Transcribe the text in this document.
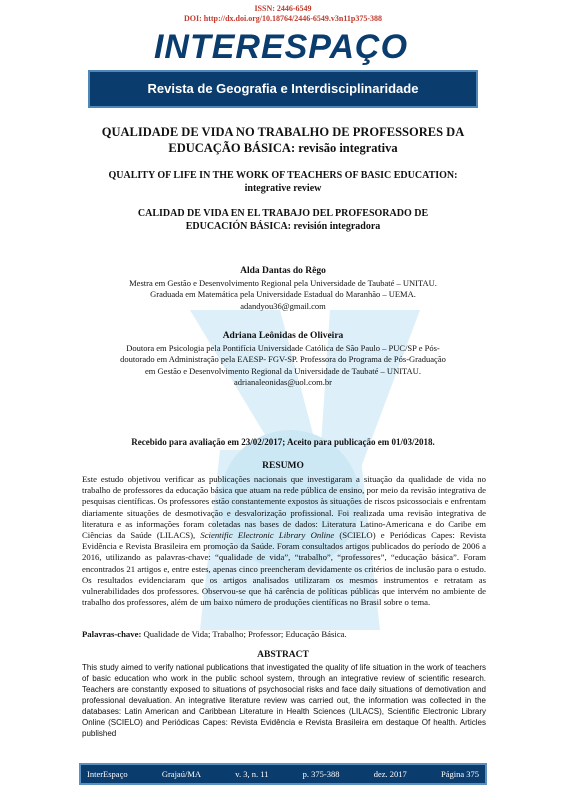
ISSN: 2446-6549
DOI: http://dx.doi.org/10.18764/2446-6549.v3n11p375-388
INTERESPAÇO
Revista de Geografia e Interdisciplinaridade
QUALIDADE DE VIDA NO TRABALHO DE PROFESSORES DA
EDUCAÇÃO BÁSICA: revisão integrativa
QUALITY OF LIFE IN THE WORK OF TEACHERS OF BASIC EDUCATION:
integrative review
CALIDAD DE VIDA EN EL TRABAJO DEL PROFESORADO DE
EDUCACIÓN BÁSICA: revisión integradora
Alda Dantas do Rêgo
Mestra em Gestão e Desenvolvimento Regional pela Universidade de Taubaté – UNITAU.
Graduada em Matemática pela Universidade Estadual do Maranhão – UEMA.
adandyou36@gmail.com
Adriana Leônidas de Oliveira
Doutora em Psicologia pela Pontifícia Universidade Católica de São Paulo – PUC/SP e Pós-
doutorado em Administração pela EAESP- FGV-SP. Professora do Programa de Pós-Graduação
em Gestão e Desenvolvimento Regional da Universidade de Taubaté – UNITAU.
adrianaleonidas@uol.com.br
Recebido para avaliação em 23/02/2017; Aceito para publicação em 01/03/2018.
RESUMO
Este estudo objetivou verificar as publicações nacionais que investigaram a situação da qualidade de vida no trabalho de professores da educação básica que atuam na rede pública de ensino, por meio da revisão integrativa de pesquisas científicas. Os professores estão constantemente expostos às situações de riscos psicossociais e enfrentam diariamente situações de desmotivação e desvalorização profissional. Foi realizada uma revisão integrativa de literatura e as informações foram coletadas nas bases de dados: Literatura Latino-Americana e do Caribe em Ciências da Saúde (LILACS), Scientific Electronic Library Online (SCIELO) e Periódicas Capes: Revista Evidência e Revista Brasileira em promoção da Saúde. Foram consultados artigos publicados do período de 2006 a 2016, utilizando as palavras-chave: “qualidade de vida”, “trabalho”, “professores”, “educação básica”. Foram encontrados 21 artigos e, entre estes, apenas cinco preencheram devidamente os critérios de inclusão para o estudo. Os resultados evidenciaram que os artigos analisados utilizaram os mesmos instrumentos e retratam as vulnerabilidades dos professores. Observou-se que há carência de políticas públicas que intervém no ambiente de trabalho dos professores, além de um baixo número de produções científicas no Brasil sobre o tema.
Palavras-chave: Qualidade de Vida; Trabalho; Professor; Educação Básica.
ABSTRACT
This study aimed to verify national publications that investigated the quality of life situation in the work of teachers of basic education who work in the public school system, through an integrative review of scientific research. Teachers are constantly exposed to situations of psychosocial risks and face daily situations of demotivation and professional devaluation. An integrative literature review was carried out, the information was collected in the databases: Latin American and Caribbean Literature in Health Sciences (LILACS), Scientific Electronic Library Online (SCIELO) and Periódicas Capes: Revista Evidência e Revista Brasileira em destaque Of health. Articles published
InterEspaço	Grajaú/MA	v. 3, n. 11	p. 375-388	dez. 2017	Página 375
